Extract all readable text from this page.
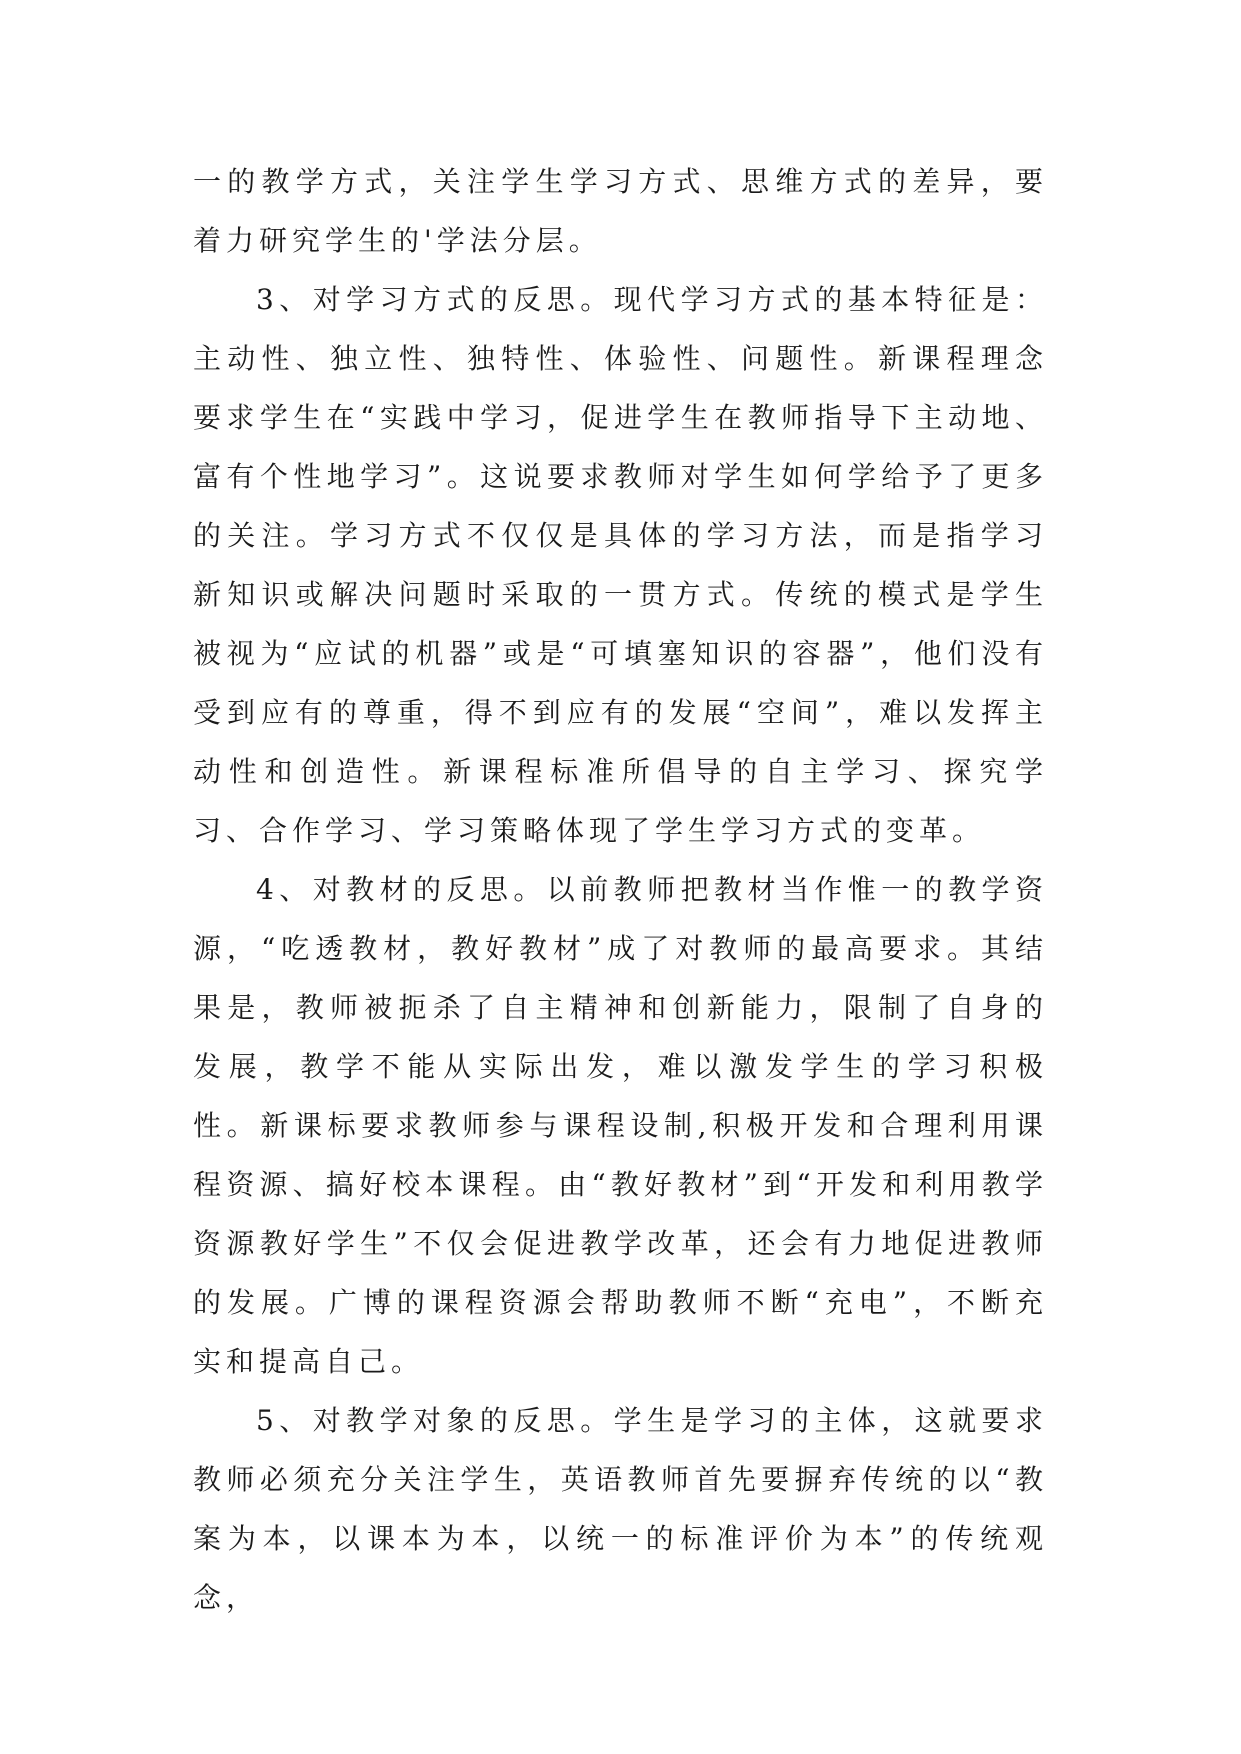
一的教学方式，关注学生学习方式、思维方式的差异，要着力研究学生的'学法分层。

3、对学习方式的反思。现代学习方式的基本特征是：主动性、独立性、独特性、体验性、问题性。新课程理念要求学生在“实践中学习，促进学生在教师指导下主动地、富有个性地学习”。这说要求教师对学生如何学给予了更多的关注。学习方式不仅仅是具体的学习方法，而是指学习新知识或解决问题时采取的一贯方式。传统的模式是学生被视为“应试的机器”或是“可填塞知识的容器”，他们没有受到应有的尊重，得不到应有的发展“空间”，难以发挥主动性和创造性。新课程标准所倡导的自主学习、探究学习、合作学习、学习策略体现了学生学习方式的变革。

4、对教材的反思。以前教师把教材当作惟一的教学资源，“吃透教材，教好教材”成了对教师的最高要求。其结果是，教师被扼杀了自主精神和创新能力，限制了自身的发展，教学不能从实际出发，难以激发学生的学习积极性。新课标要求教师参与课程设制,积极开发和合理利用课程资源、搞好校本课程。由“教好教材”到“开发和利用教学资源教好学生”不仅会促进教学改革，还会有力地促进教师的发展。广博的课程资源会帮助教师不断“充电”，不断充实和提高自己。

5、对教学对象的反思。学生是学习的主体，这就要求教师必须充分关注学生，英语教师首先要摒弃传统的以“教案为本，以课本为本，以统一的标准评价为本”的传统观念，
